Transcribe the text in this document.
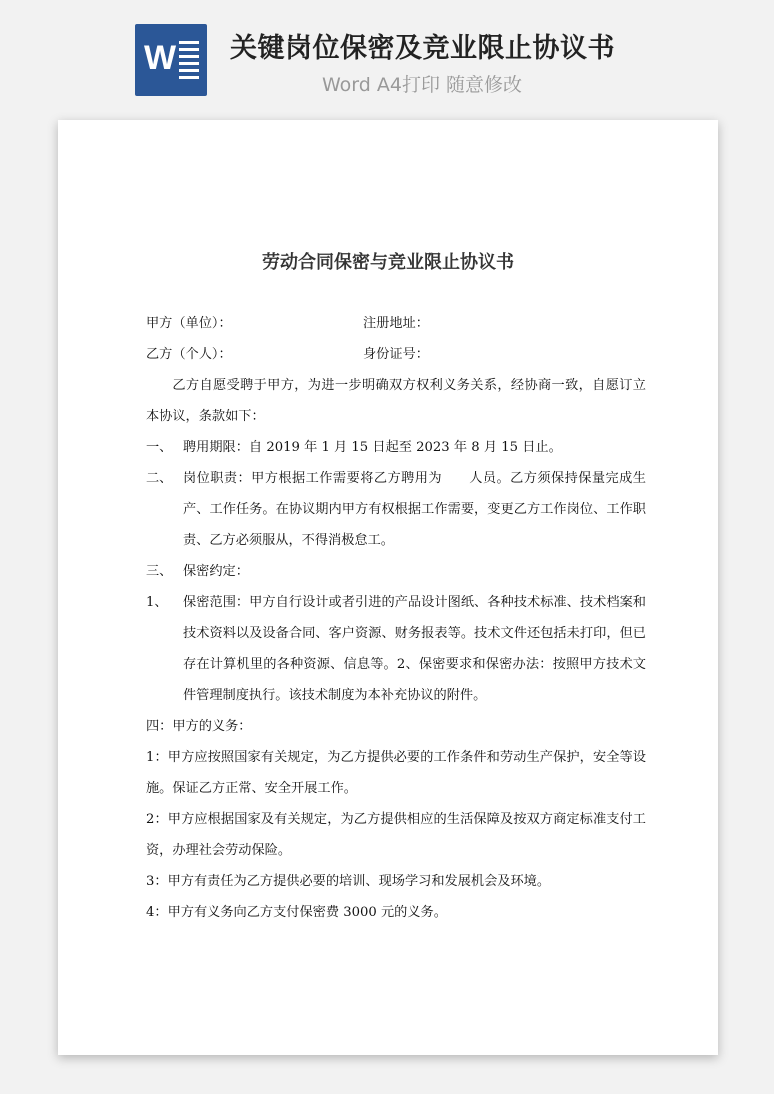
W 关键岗位保密及竞业限止协议书
Word A4打印 随意修改
劳动合同保密与竞业限止协议书
甲方（单位）：	注册地址：
乙方（个人）：	身份证号：

乙方自愿受聘于甲方，为进一步明确双方权利义务关系，经协商一致，自愿订立本协议，条款如下：

一、 聘用期限：自 2019 年 1 月 15 日起至 2023 年 8 月 15 日止。
二、 岗位职责：甲方根据工作需要将乙方聘用为　　人员。乙方须保持保量完成生产、工作任务。在协议期内甲方有权根据工作需要，变更乙方工作岗位、工作职责、乙方必须服从，不得消极怠工。
三、 保密约定：
1、	保密范围：甲方自行设计或者引进的产品设计图纸、各种技术标准、技术档案和技术资料以及设备合同、客户资源、财务报表等。技术文件还包括未打印，但已存在计算机里的各种资源、信息等。2、保密要求和保密办法：按照甲方技术文件管理制度执行。该技术制度为本补充协议的附件。

四：甲方的义务：

1：甲方应按照国家有关规定，为乙方提供必要的工作条件和劳动生产保护，安全等设施。保证乙方正常、安全开展工作。

2：甲方应根据国家及有关规定，为乙方提供相应的生活保障及按双方商定标准支付工资，办理社会劳动保险。

3：甲方有责任为乙方提供必要的培训、现场学习和发展机会及环境。

4：甲方有义务向乙方支付保密费 3000 元的义务。
